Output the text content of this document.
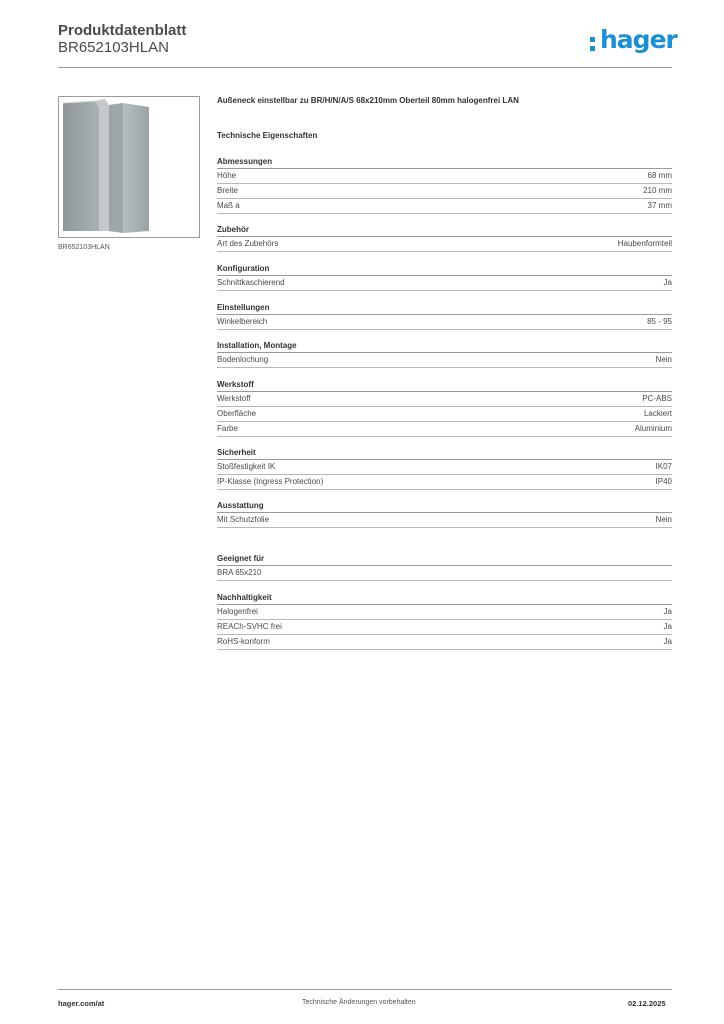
Produktdatenblatt
BR652103HLAN	hager
BR652103HLAN
Außeneck einstellbar zu BR/H/N/A/S 68x210mm Oberteil 80mm halogenfrei LAN
Technische Eigenschaften
Abmessungen
Höhe	68 mm
Breite	210 mm
Maß a	37 mm
Zubehör
Art des Zubehörs	Haubenformteil
Konfiguration
Schnittkaschierend	Ja
Einstellungen
Winkelbereich	85 - 95
Installation, Montage
Bodenlochung	Nein
Werkstoff
Werkstoff	PC-ABS
Oberfläche	Lackiert
Farbe	Aluminium
Sicherheit
Stoßfestigkeit IK	IK07
IP-Klasse (Ingress Protection)	IP40
Ausstattung
Mit Schutzfolie	Nein
Geeignet für
BRA 65x210
Nachhaltigkeit
Halogenfrei	Ja
REACh-SVHC frei	Ja
RoHS-konform	Ja
hager.com/at	Technische Änderungen vorbehalten	02.12.2025
